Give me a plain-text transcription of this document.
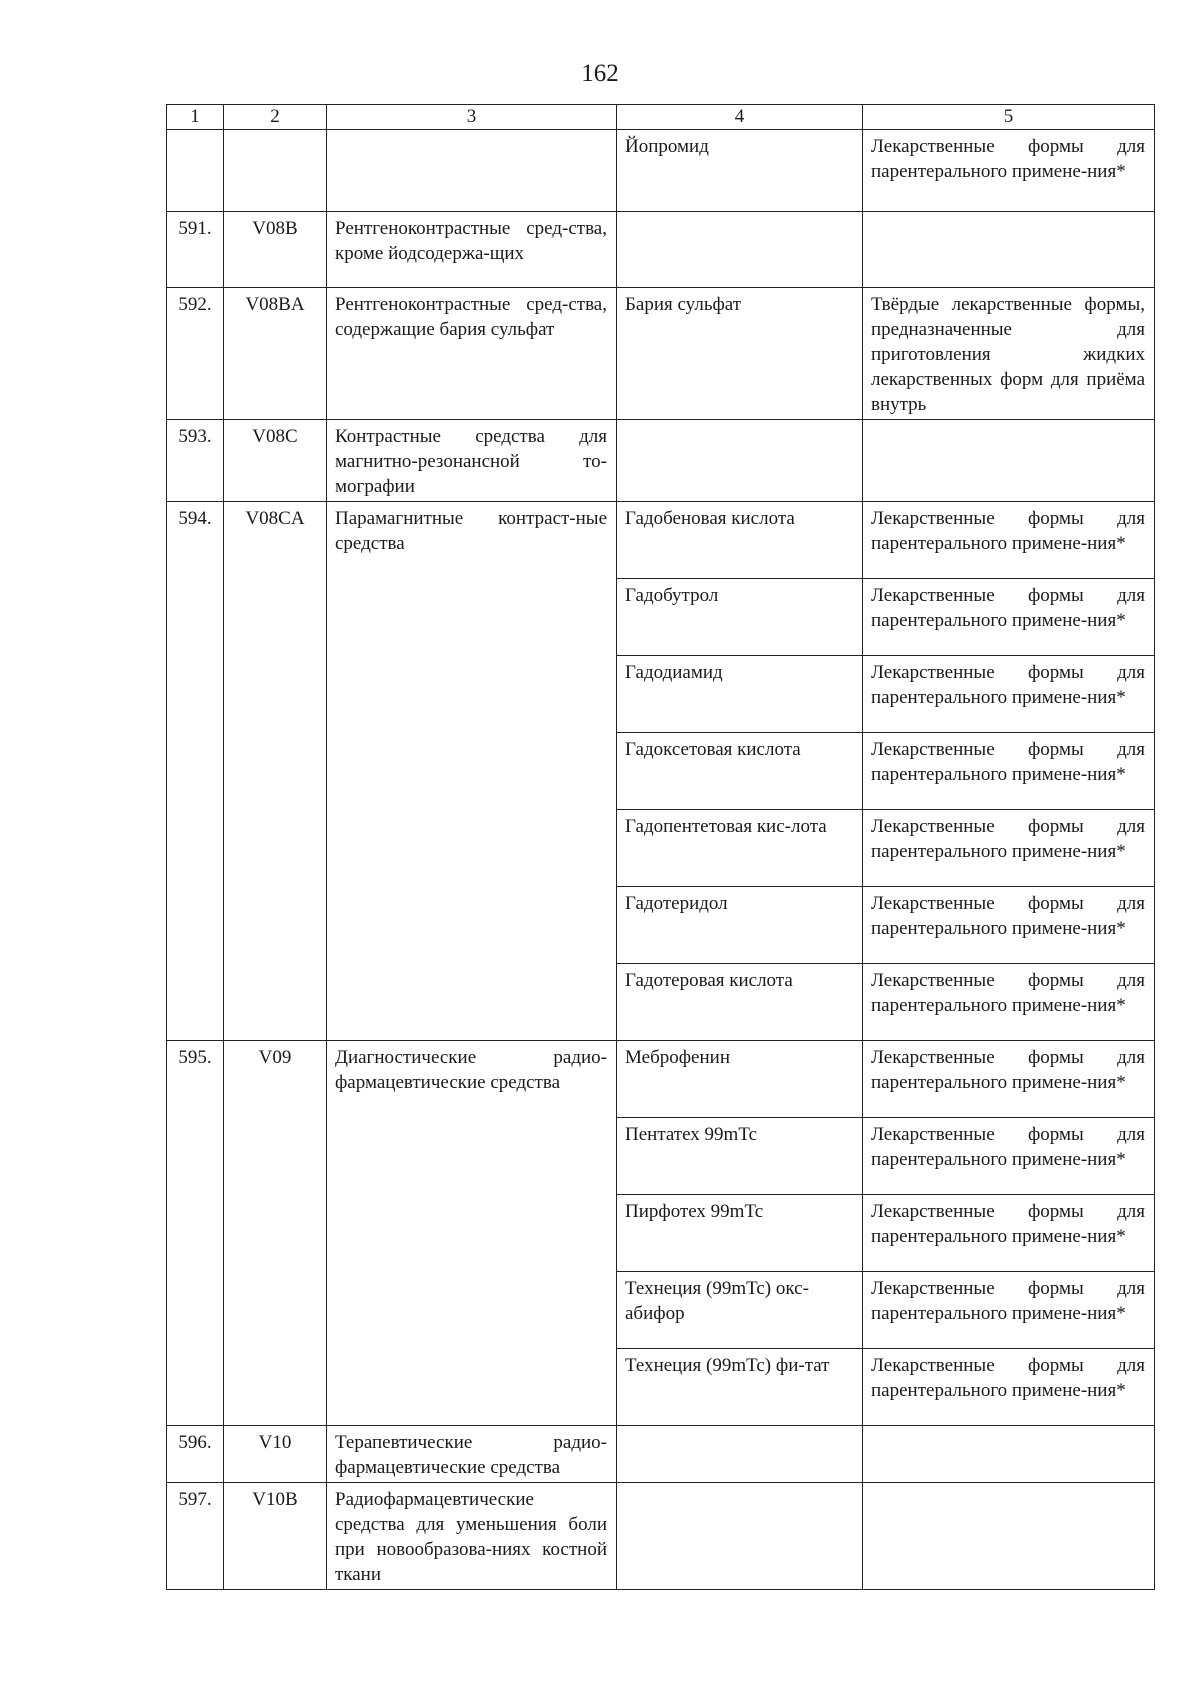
162
1	2	3	4	5
			Йопромид	Лекарственные формы для парентерального примене-ния*
591.	V08B	Рентгеноконтрастные сред-ства, кроме йодсодержа-щих		
592.	V08BA	Рентгеноконтрастные сред-ства, содержащие бария сульфат	Бария сульфат	Твёрдые лекарственные формы, предназначенные для приготовления жидких лекарственных форм для приёма внутрь
593.	V08C	Контрастные средства для магнитно-резонансной то-мографии		
594.	V08CA	Парамагнитные контраст-ные средства	Гадобеновая кислота	Лекарственные формы для парентерального примене-ния*
			Гадобутрол	Лекарственные формы для парентерального примене-ния*
			Гадодиамид	Лекарственные формы для парентерального примене-ния*
			Гадоксетовая кислота	Лекарственные формы для парентерального примене-ния*
			Гадопентетовая кис-лота	Лекарственные формы для парентерального примене-ния*
			Гадотеридол	Лекарственные формы для парентерального примене-ния*
			Гадотеровая кислота	Лекарственные формы для парентерального примене-ния*
595.	V09	Диагностические радио-фармацевтические средства	Меброфенин	Лекарственные формы для парентерального примене-ния*
			Пентатех 99mTc	Лекарственные формы для парентерального примене-ния*
			Пирфотех 99mTc	Лекарственные формы для парентерального примене-ния*
			Технеция (99mTc) окс-абифор	Лекарственные формы для парентерального примене-ния*
			Технеция (99mTc) фи-тат	Лекарственные формы для парентерального примене-ния*
596.	V10	Терапевтические радио-фармацевтические средства		
597.	V10B	Радиофармацевтические средства для уменьшения боли при новообразова-ниях костной ткани		
